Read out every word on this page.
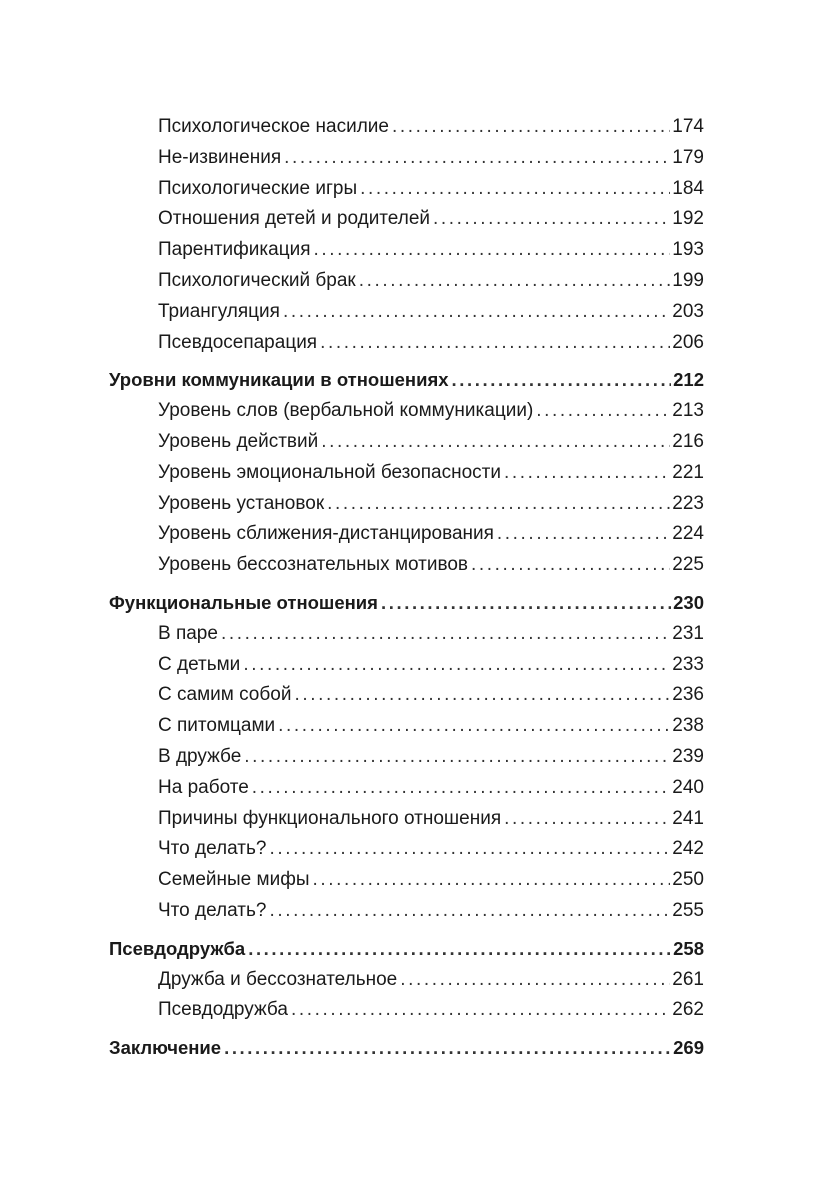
Психологическое насилие .....	174
Не-извинения .....	179
Психологические игры .....	184
Отношения детей и родителей .....	192
Парентификация .....	193
Психологический брак .....	199
Триангуляция .....	203
Псевдосепарация .....	206
Уровни коммуникации в отношениях .....	212
Уровень слов (вербальной коммуникации) .....	213
Уровень действий .....	216
Уровень эмоциональной безопасности .....	221
Уровень установок .....	223
Уровень сближения-дистанцирования .....	224
Уровень бессознательных мотивов .....	225
Функциональные отношения .....	230
В паре .....	231
С детьми .....	233
С самим собой .....	236
С питомцами .....	238
В дружбе .....	239
На работе .....	240
Причины функционального отношения .....	241
Что делать? .....	242
Семейные мифы .....	250
Что делать? .....	255
Псевдодружба .....	258
Дружба и бессознательное .....	261
Псевдодружба .....	262
Заключение .....	269
